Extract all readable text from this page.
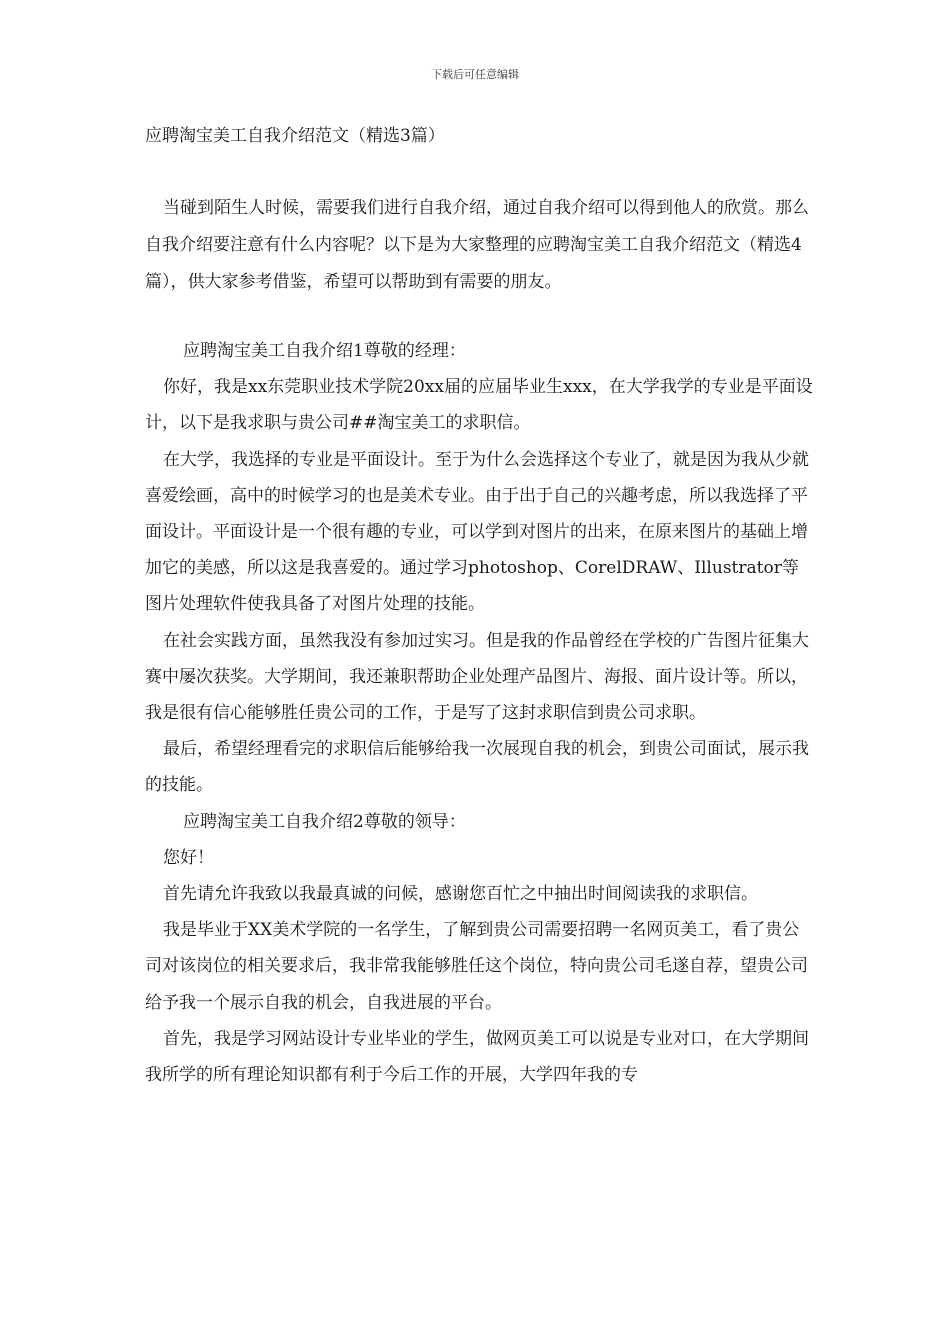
下载后可任意编辑
应聘淘宝美工自我介绍范文（精选3篇）

当碰到陌生人时候，需要我们进行自我介绍，通过自我介绍可以得到他人的欣赏。那么自我介绍要注意有什么内容呢？以下是为大家整理的应聘淘宝美工自我介绍范文（精选4篇），供大家参考借鉴，希望可以帮助到有需要的朋友。

应聘淘宝美工自我介绍1尊敬的经理：

你好，我是xx东莞职业技术学院20xx届的应届毕业生xxx，在大学我学的专业是平面设计，以下是我求职与贵公司##淘宝美工的求职信。

在大学，我选择的专业是平面设计。至于为什么会选择这个专业了，就是因为我从少就喜爱绘画，高中的时候学习的也是美术专业。由于出于自己的兴趣考虑，所以我选择了平面设计。平面设计是一个很有趣的专业，可以学到对图片的出来，在原来图片的基础上增加它的美感，所以这是我喜爱的。通过学习photoshop、CorelDRAW、Illustrator等图片处理软件使我具备了对图片处理的技能。

在社会实践方面，虽然我没有参加过实习。但是我的作品曾经在学校的广告图片征集大赛中屡次获奖。大学期间，我还兼职帮助企业处理产品图片、海报、面片设计等。所以，我是很有信心能够胜任贵公司的工作，于是写了这封求职信到贵公司求职。

最后，希望经理看完的求职信后能够给我一次展现自我的机会，到贵公司面试，展示我的技能。

应聘淘宝美工自我介绍2尊敬的领导：

您好！

首先请允许我致以我最真诚的问候，感谢您百忙之中抽出时间阅读我的求职信。

我是毕业于XX美术学院的一名学生，了解到贵公司需要招聘一名网页美工，看了贵公司对该岗位的相关要求后，我非常我能够胜任这个岗位，特向贵公司毛遂自荐，望贵公司给予我一个展示自我的机会，自我进展的平台。

首先，我是学习网站设计专业毕业的学生，做网页美工可以说是专业对口，在大学期间我所学的所有理论知识都有利于今后工作的开展，大学四年我的专
